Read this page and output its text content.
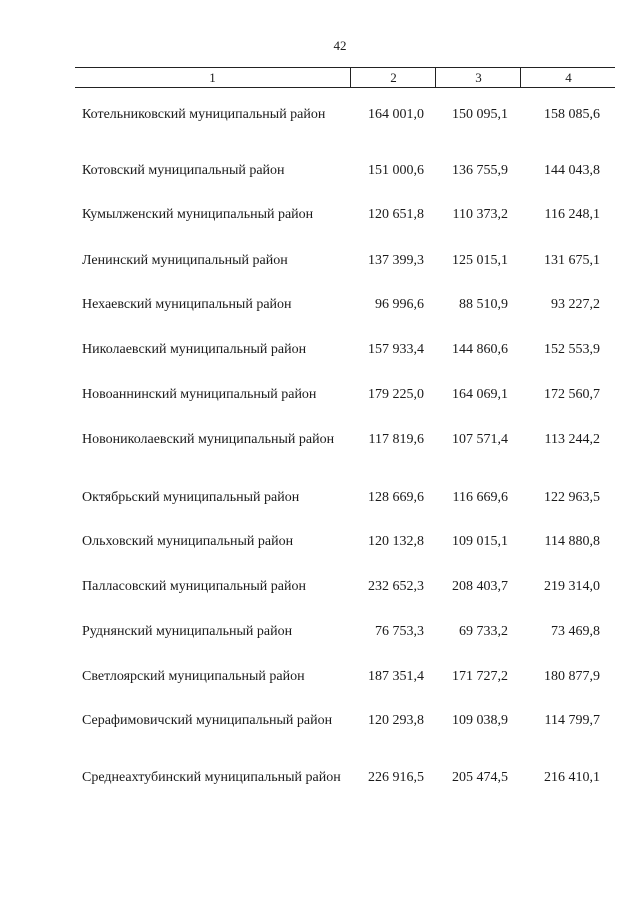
42
1	2	3	4
Котельниковский муниципальный район	164 001,0	150 095,1	158 085,6
Котовский муниципальный район	151 000,6	136 755,9	144 043,8
Кумылженский муниципальный район	120 651,8	110 373,2	116 248,1
Ленинский муниципальный район	137 399,3	125 015,1	131 675,1
Нехаевский муниципальный район	96 996,6	88 510,9	93 227,2
Николаевский муниципальный район	157 933,4	144 860,6	152 553,9
Новоаннинский муниципальный район	179 225,0	164 069,1	172 560,7
Новониколаевский муниципальный район	117 819,6	107 571,4	113 244,2
Октябрьский муниципальный район	128 669,6	116 669,6	122 963,5
Ольховский муниципальный район	120 132,8	109 015,1	114 880,8
Палласовский муниципальный район	232 652,3	208 403,7	219 314,0
Руднянский муниципальный район	76 753,3	69 733,2	73 469,8
Светлоярский муниципальный район	187 351,4	171 727,2	180 877,9
Серафимовичский муниципальный район	120 293,8	109 038,9	114 799,7
Среднеахтубинский муниципальный район	226 916,5	205 474,5	216 410,1
